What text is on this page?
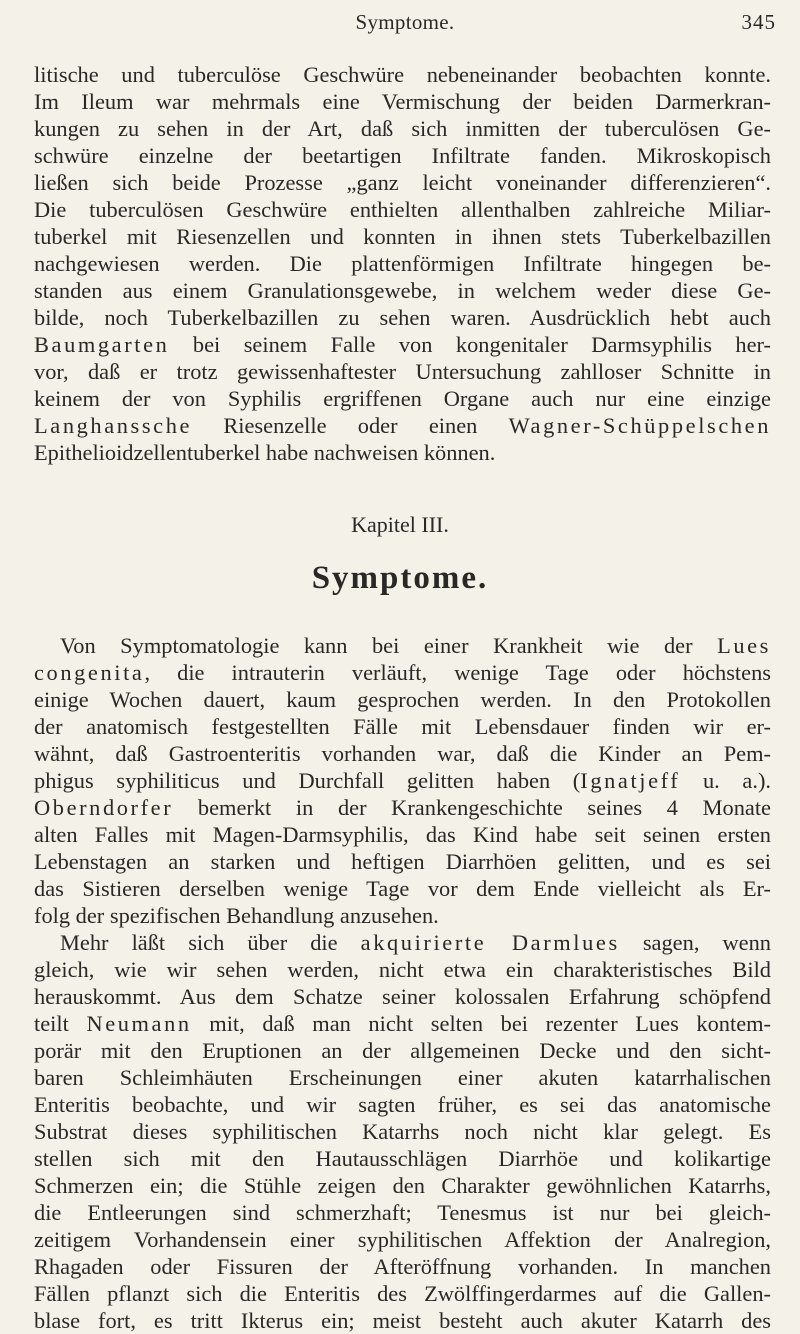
Symptome.	345
litische und tuberculöse Geschwüre nebeneinander beobachten konnte.
Im Ileum war mehrmals eine Vermischung der beiden Darmerkran-
kungen zu sehen in der Art, daß sich inmitten der tuberculösen Ge-
schwüre einzelne der beetartigen Infiltrate fanden. Mikroskopisch
ließen sich beide Prozesse „ganz leicht voneinander differenzieren“.
Die tuberculösen Geschwüre enthielten allenthalben zahlreiche Miliar-
tuberkel mit Riesenzellen und konnten in ihnen stets Tuberkelbazillen
nachgewiesen werden. Die plattenförmigen Infiltrate hingegen be-
standen aus einem Granulationsgewebe, in welchem weder diese Ge-
bilde, noch Tuberkelbazillen zu sehen waren. Ausdrücklich hebt auch
Baumgarten bei seinem Falle von kongenitaler Darmsyphilis her-
vor, daß er trotz gewissenhaftester Untersuchung zahlloser Schnitte in
keinem der von Syphilis ergriffenen Organe auch nur eine einzige
Langhanssche Riesenzelle oder einen Wagner-Schüppelschen
Epithelioidzellentuberkel habe nachweisen können.
Kapitel III.
Symptome.
Von Symptomatologie kann bei einer Krankheit wie der Lues
congenita, die intrauterin verläuft, wenige Tage oder höchstens
einige Wochen dauert, kaum gesprochen werden. In den Protokollen
der anatomisch festgestellten Fälle mit Lebensdauer finden wir er-
wähnt, daß Gastroenteritis vorhanden war, daß die Kinder an Pem-
phigus syphiliticus und Durchfall gelitten haben (Ignatjeff u. a.).
Oberndorfer bemerkt in der Krankengeschichte seines 4 Monate
alten Falles mit Magen-Darmsyphilis, das Kind habe seit seinen ersten
Lebenstagen an starken und heftigen Diarrhöen gelitten, und es sei
das Sistieren derselben wenige Tage vor dem Ende vielleicht als Er-
folg der spezifischen Behandlung anzusehen.
Mehr läßt sich über die akquirierte Darmlues sagen, wenn
gleich, wie wir sehen werden, nicht etwa ein charakteristisches Bild
herauskommt. Aus dem Schatze seiner kolossalen Erfahrung schöpfend
teilt Neumann mit, daß man nicht selten bei rezenter Lues kontem-
porär mit den Eruptionen an der allgemeinen Decke und den sicht-
baren Schleimhäuten Erscheinungen einer akuten katarrhalischen
Enteritis beobachte, und wir sagten früher, es sei das anatomische
Substrat dieses syphilitischen Katarrhs noch nicht klar gelegt. Es
stellen sich mit den Hautausschlägen Diarrhöe und kolikartige
Schmerzen ein; die Stühle zeigen den Charakter gewöhnlichen Katarrhs,
die Entleerungen sind schmerzhaft; Tenesmus ist nur bei gleich-
zeitigem Vorhandensein einer syphilitischen Affektion der Analregion,
Rhagaden oder Fissuren der Afteröffnung vorhanden. In manchen
Fällen pflanzt sich die Enteritis des Zwölffingerdarmes auf die Gallen-
blase fort, es tritt Ikterus ein; meist besteht auch akuter Katarrh des
